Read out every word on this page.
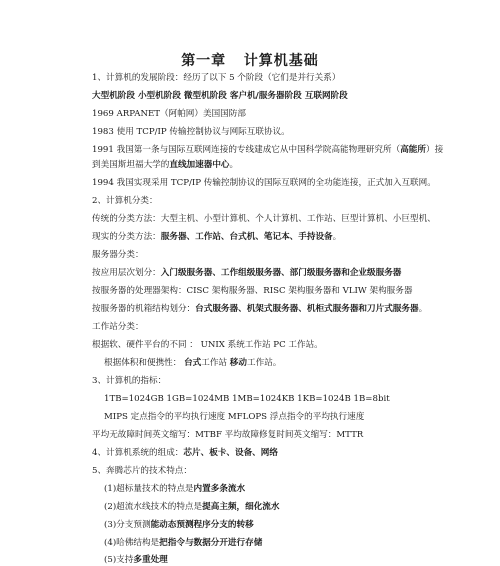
第一章   计算机基础
1、计算机的发展阶段：经历了以下 5 个阶段（它们是并行关系）
大型机阶段 小型机阶段 微型机阶段 客户机/服务器阶段 互联网阶段
1969 ARPANET（阿帕网）美国国防部
1983 使用 TCP/IP 传输控制协议与网际互联协议。
1991 我国第一条与国际互联网连接的专线建成它从中国科学院高能物理研究所（高能所）接
到美国斯坦福大学的直线加速器中心。
1994 我国实现采用 TCP/IP 传输控制协议的国际互联网的全功能连接，正式加入互联网。
2、计算机分类：
传统的分类方法：大型主机、小型计算机、个人计算机、工作站、巨型计算机、小巨型机、
现实的分类方法：服务器、工作站、台式机、笔记本、手持设备。
服务器分类：
按应用层次划分：入门级服务器、工作组级服务器、部门级服务器和企业级服务器
按服务器的处理器架构：CISC 架构服务器、RISC 架构服务器和 VLIW 架构服务器
按服务器的机箱结构划分：台式服务器、机架式服务器、机柜式服务器和刀片式服务器。
工作站分类：
根据软、硬件平台的不同 ： UNIX 系统工作站 PC 工作站。
根据体积和便携性： 台式工作站 移动工作站。
3、计算机的指标：
1TB=1024GB 1GB=1024MB 1MB=1024KB 1KB=1024B 1B=8bit
MIPS 定点指令的平均执行速度 MFLOPS 浮点指令的平均执行速度
平均无故障时间英文缩写：MTBF 平均故障修复时间英文缩写：MTTR
4、计算机系统的组成：芯片、板卡、设备、网络
5、奔腾芯片的技术特点：
(1)超标量技术的特点是内置多条流水
(2)超流水线技术的特点是提高主频，细化流水
(3)分支预测能动态预测程序分支的转移
(4)哈佛结构是把指令与数据分开进行存储
(5)支持多重处理
